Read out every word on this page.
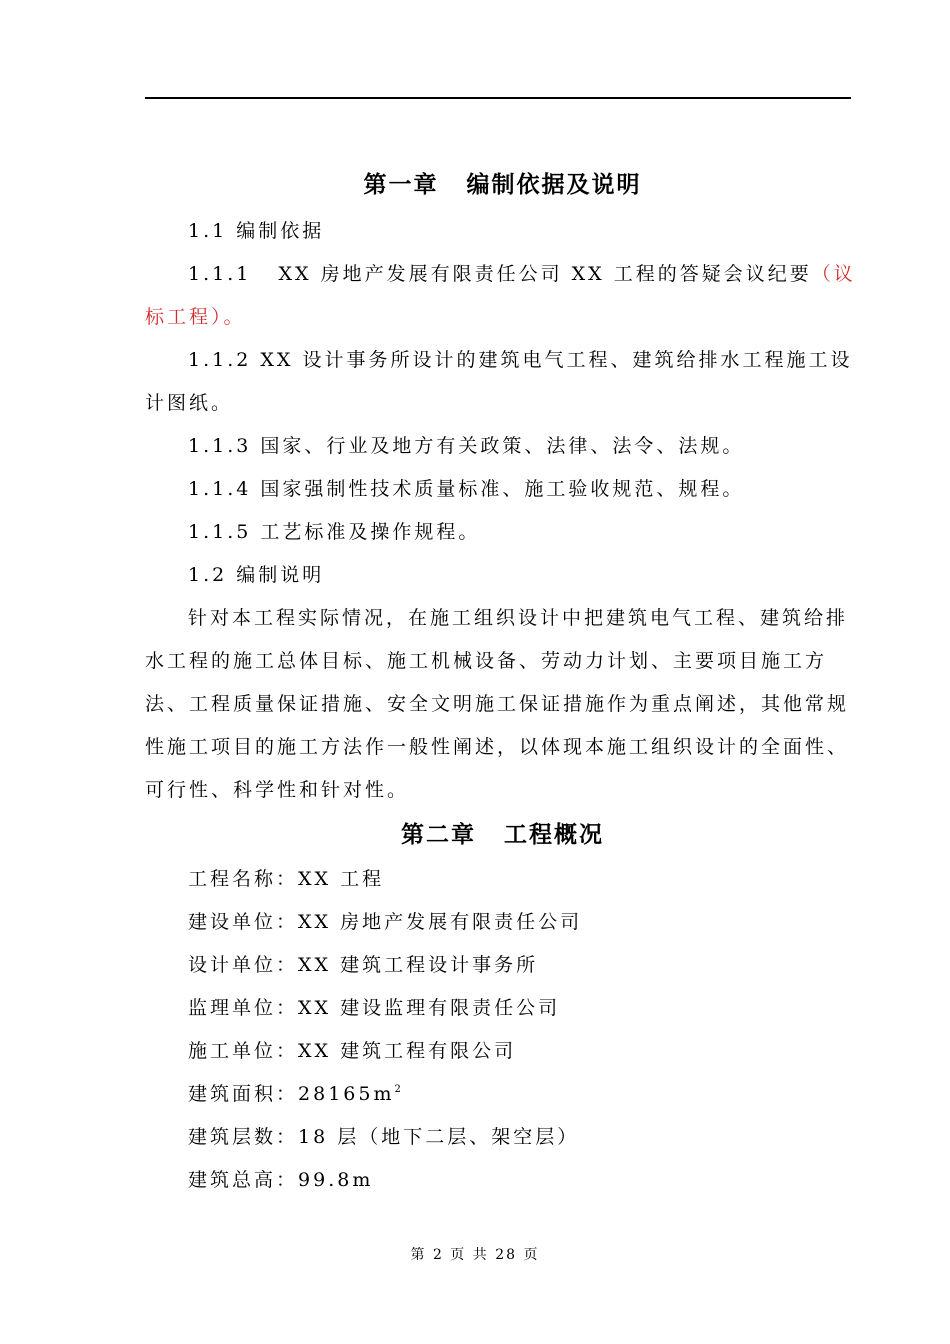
第一章 编制依据及说明

1.1 编制依据

1.1.1 XX 房地产发展有限责任公司 XX 工程的答疑会议纪要（议标工程）。

1.1.2 XX 设计事务所设计的建筑电气工程、建筑给排水工程施工设计图纸。

1.1.3 国家、行业及地方有关政策、法律、法令、法规。

1.1.4 国家强制性技术质量标准、施工验收规范、规程。

1.1.5 工艺标准及操作规程。

1.2 编制说明

针对本工程实际情况，在施工组织设计中把建筑电气工程、建筑给排水工程的施工总体目标、施工机械设备、劳动力计划、主要项目施工方法、工程质量保证措施、安全文明施工保证措施作为重点阐述，其他常规性施工项目的施工方法作一般性阐述，以体现本施工组织设计的全面性、可行性、科学性和针对性。

第二章 工程概况

工程名称：XX 工程

建设单位：XX 房地产发展有限责任公司

设计单位：XX 建筑工程设计事务所

监理单位：XX 建设监理有限责任公司

施工单位：XX 建筑工程有限公司

建筑面积：$28165m^2$

建筑层数：18 层（地下二层、架空层）

建筑总高：99.8m

第 2 页 共 28 页
